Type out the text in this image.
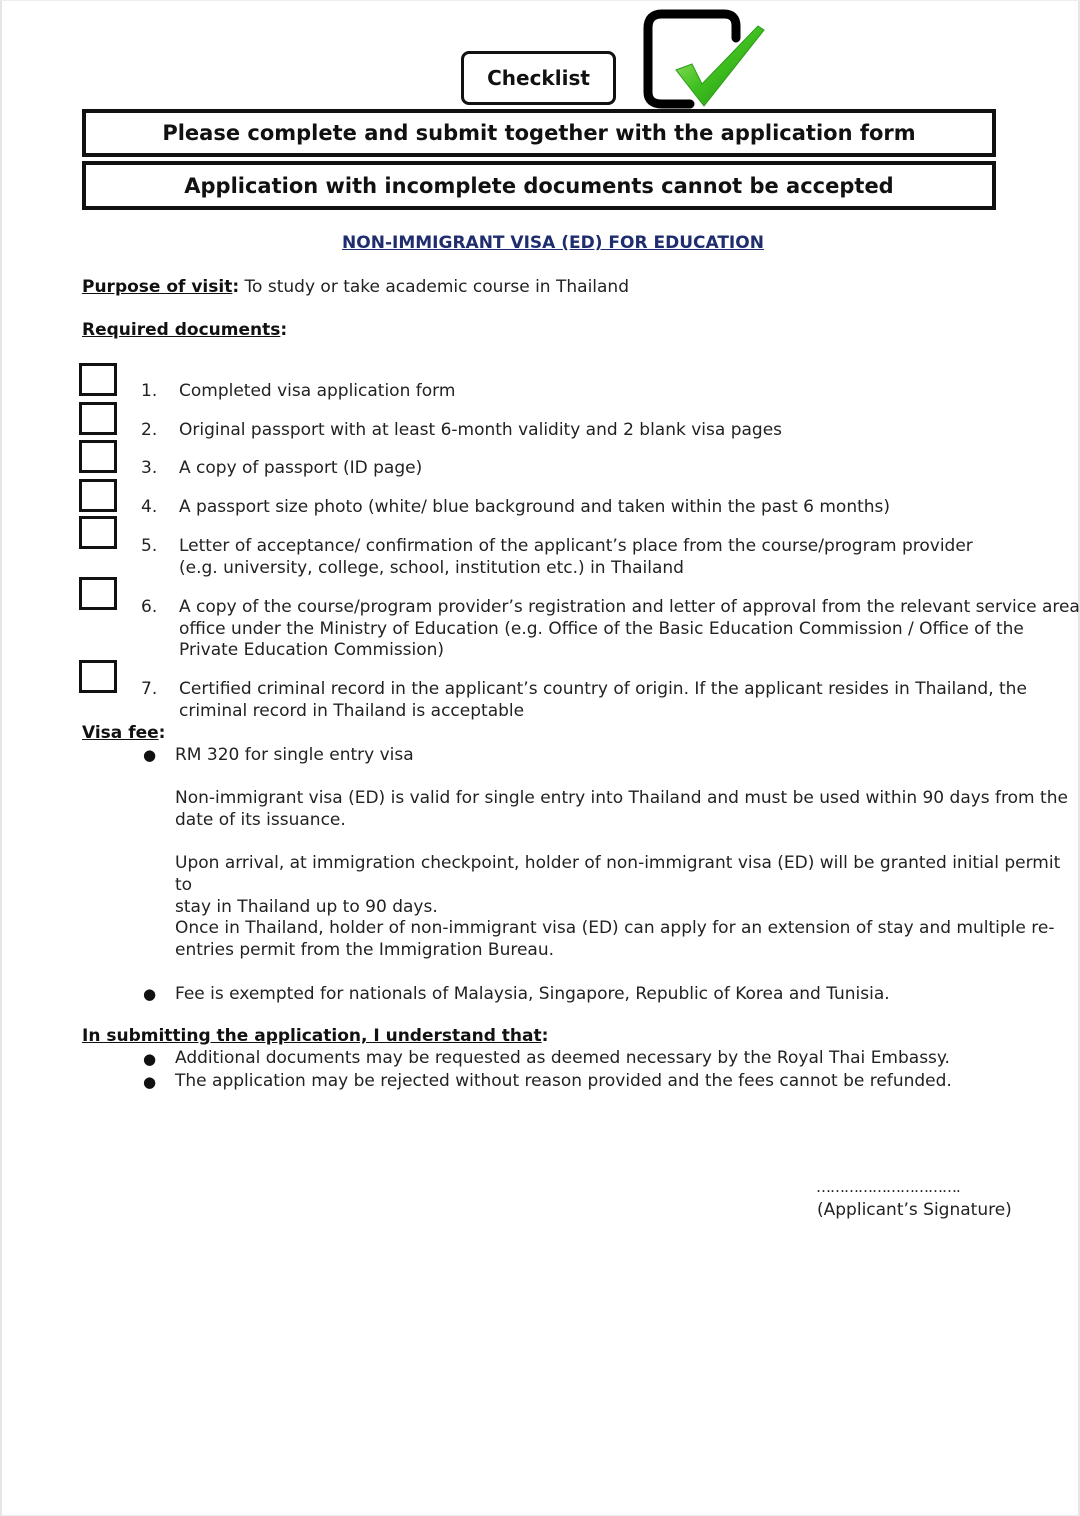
Checklist
Please complete and submit together with the application form
Application with incomplete documents cannot be accepted
NON-IMMIGRANT VISA (ED) FOR EDUCATION
Purpose of visit: To study or take academic course in Thailand
Required documents:
1. Completed visa application form
2. Original passport with at least 6-month validity and 2 blank visa pages
3. A copy of passport (ID page)
4. A passport size photo (white/ blue background and taken within the past 6 months)
5. Letter of acceptance/ confirmation of the applicant’s place from the course/program provider
(e.g. university, college, school, institution etc.) in Thailand
6. A copy of the course/program provider’s registration and letter of approval from the relevant service area
office under the Ministry of Education (e.g. Office of the Basic Education Commission / Office of the
Private Education Commission)
7. Certified criminal record in the applicant’s country of origin. If the applicant resides in Thailand, the
criminal record in Thailand is acceptable
Visa fee:
● RM 320 for single entry visa
Non-immigrant visa (ED) is valid for single entry into Thailand and must be used within 90 days from the
date of its issuance.
Upon arrival, at immigration checkpoint, holder of non-immigrant visa (ED) will be granted initial permit to
stay in Thailand up to 90 days.
Once in Thailand, holder of non-immigrant visa (ED) can apply for an extension of stay and multiple re-
entries permit from the Immigration Bureau.
● Fee is exempted for nationals of Malaysia, Singapore, Republic of Korea and Tunisia.
In submitting the application, I understand that:
● Additional documents may be requested as deemed necessary by the Royal Thai Embassy.
● The application may be rejected without reason provided and the fees cannot be refunded.
………………………….
(Applicant’s Signature)
